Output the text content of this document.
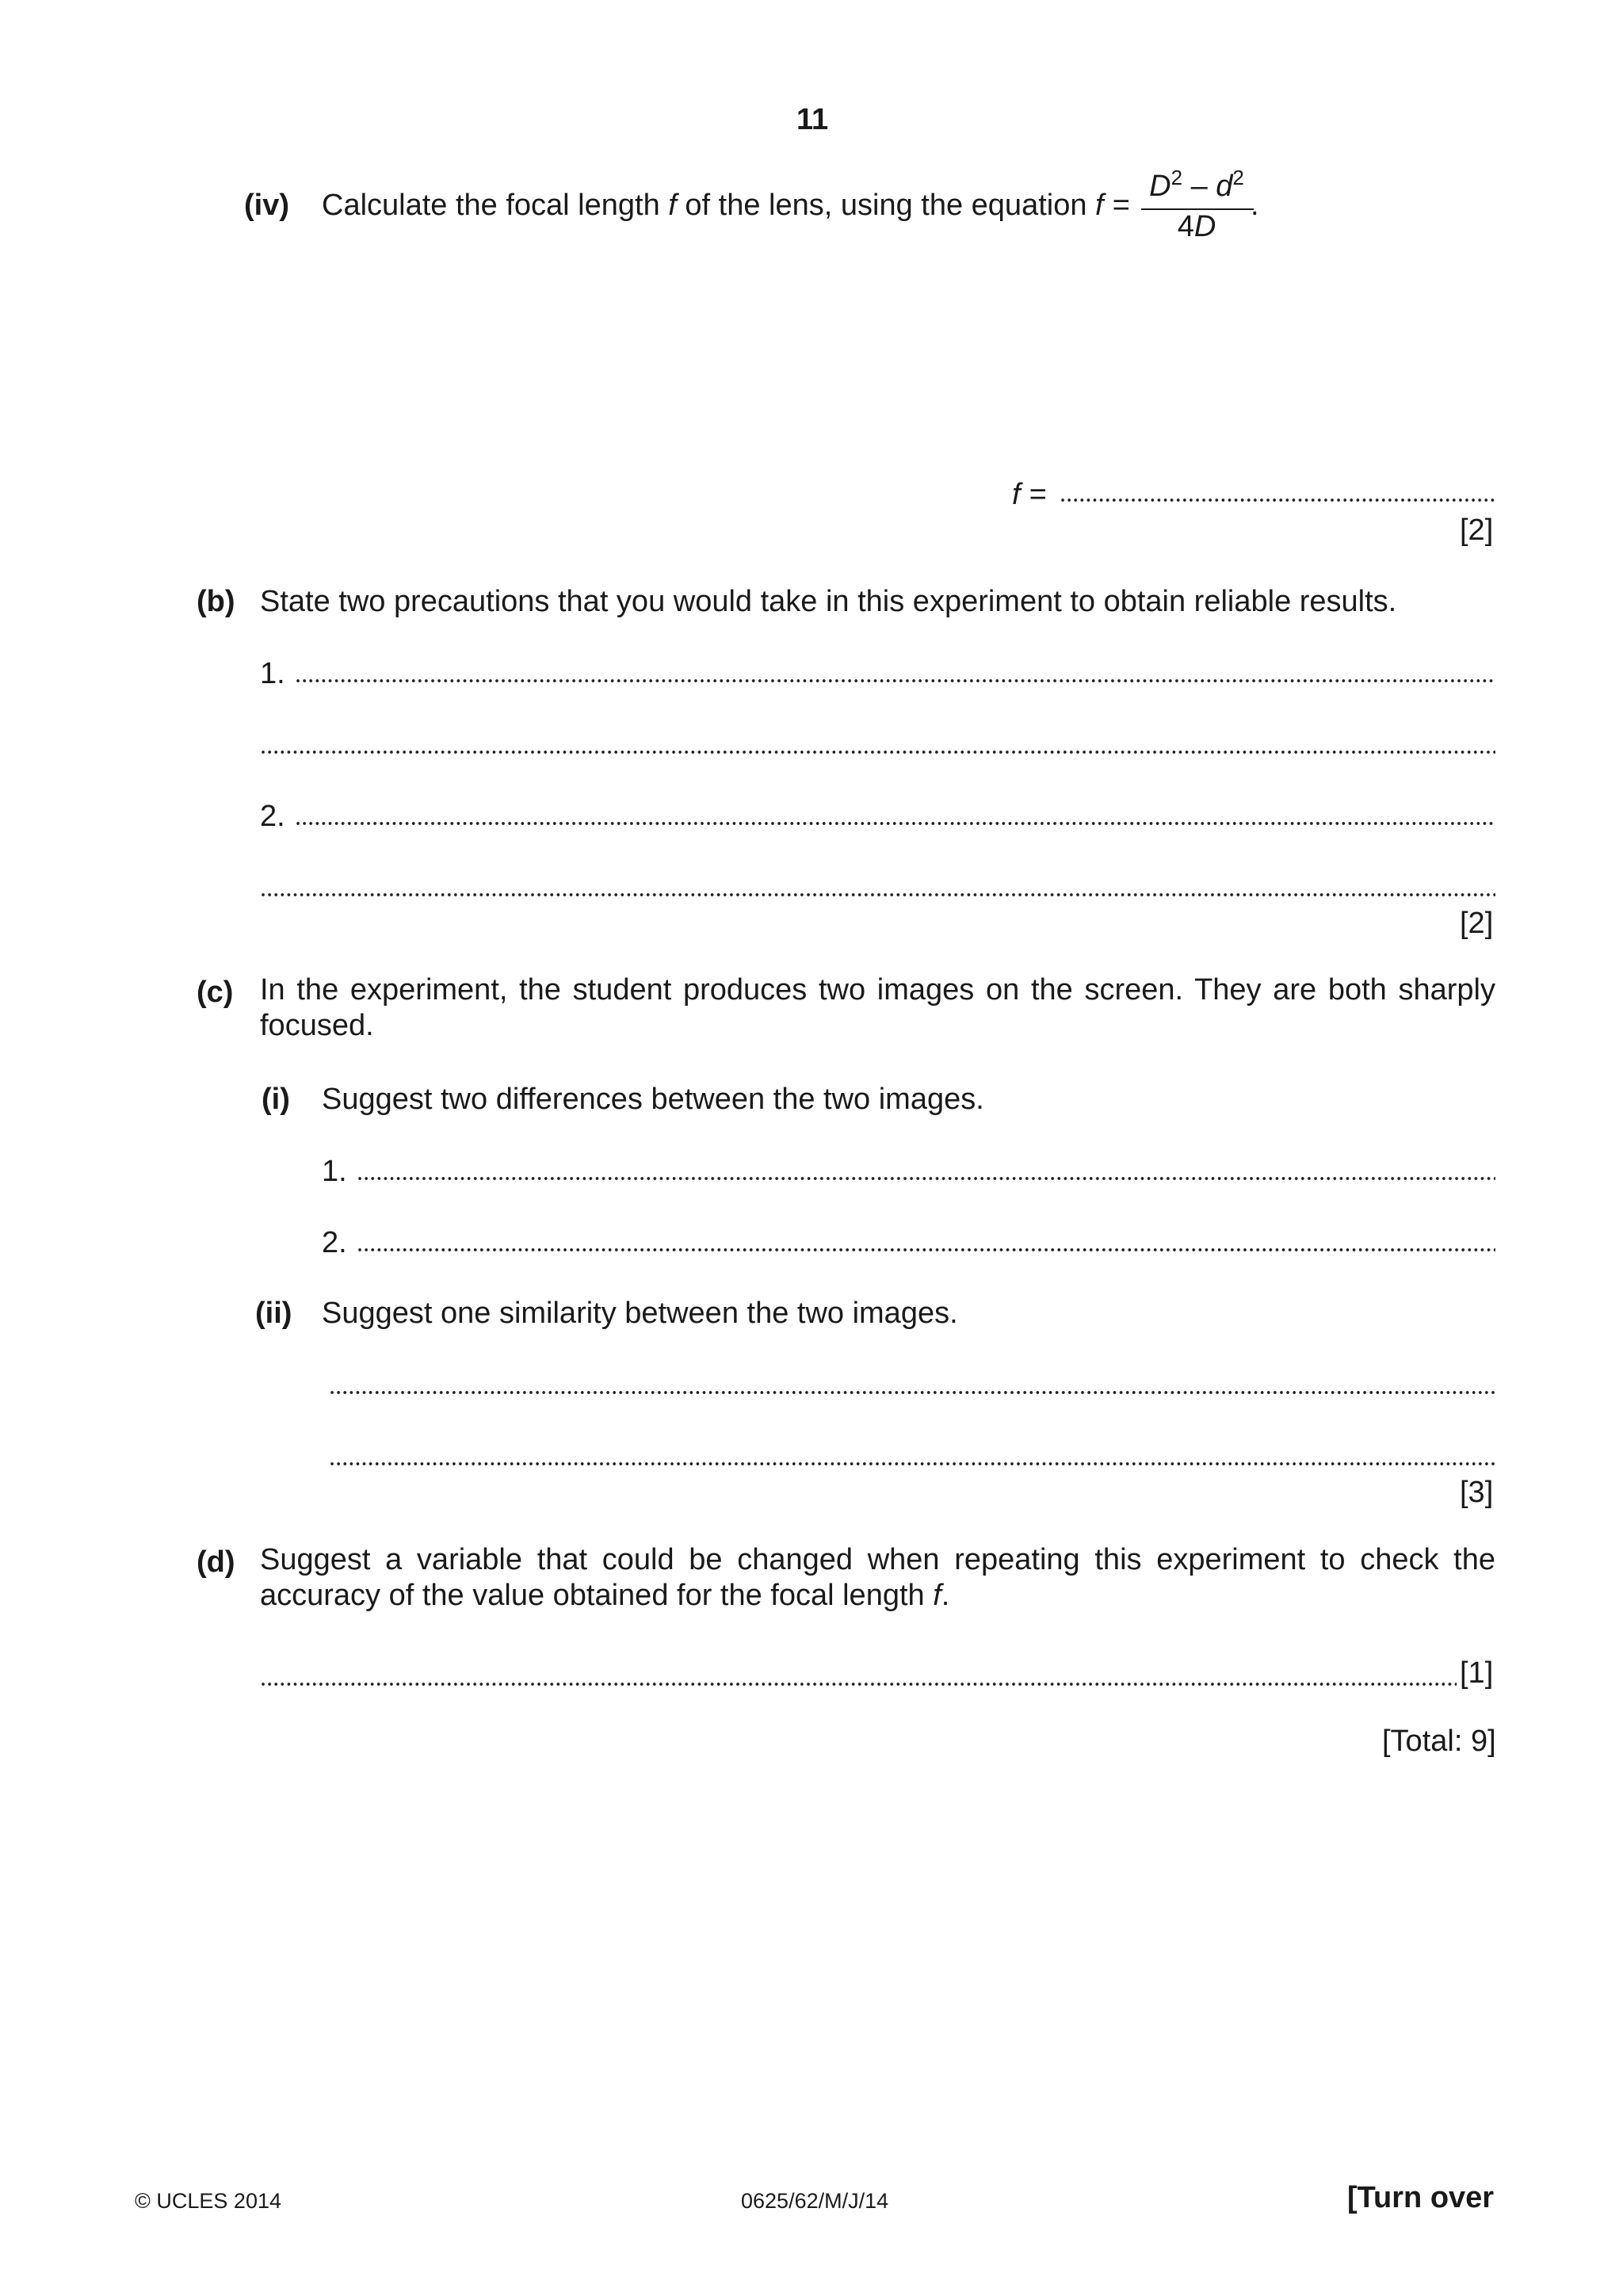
11
(iv) Calculate the focal length f of the lens, using the equation f =
$D^2 - d^2$
4D
.
f =
[2]
(b) State two precautions that you would take in this experiment to obtain reliable results.
1.
2.
[2]
(c) In the experiment, the student produces two images on the screen. They are both sharply focused.
(i) Suggest two differences between the two images.
1.
2.
(ii) Suggest one similarity between the two images.
[3]
(d) Suggest a variable that could be changed when repeating this experiment to check the accuracy of the value obtained for the focal length f.
[1]
[Total: 9]
© UCLES 2014	0625/62/M/J/14	[Turn over
